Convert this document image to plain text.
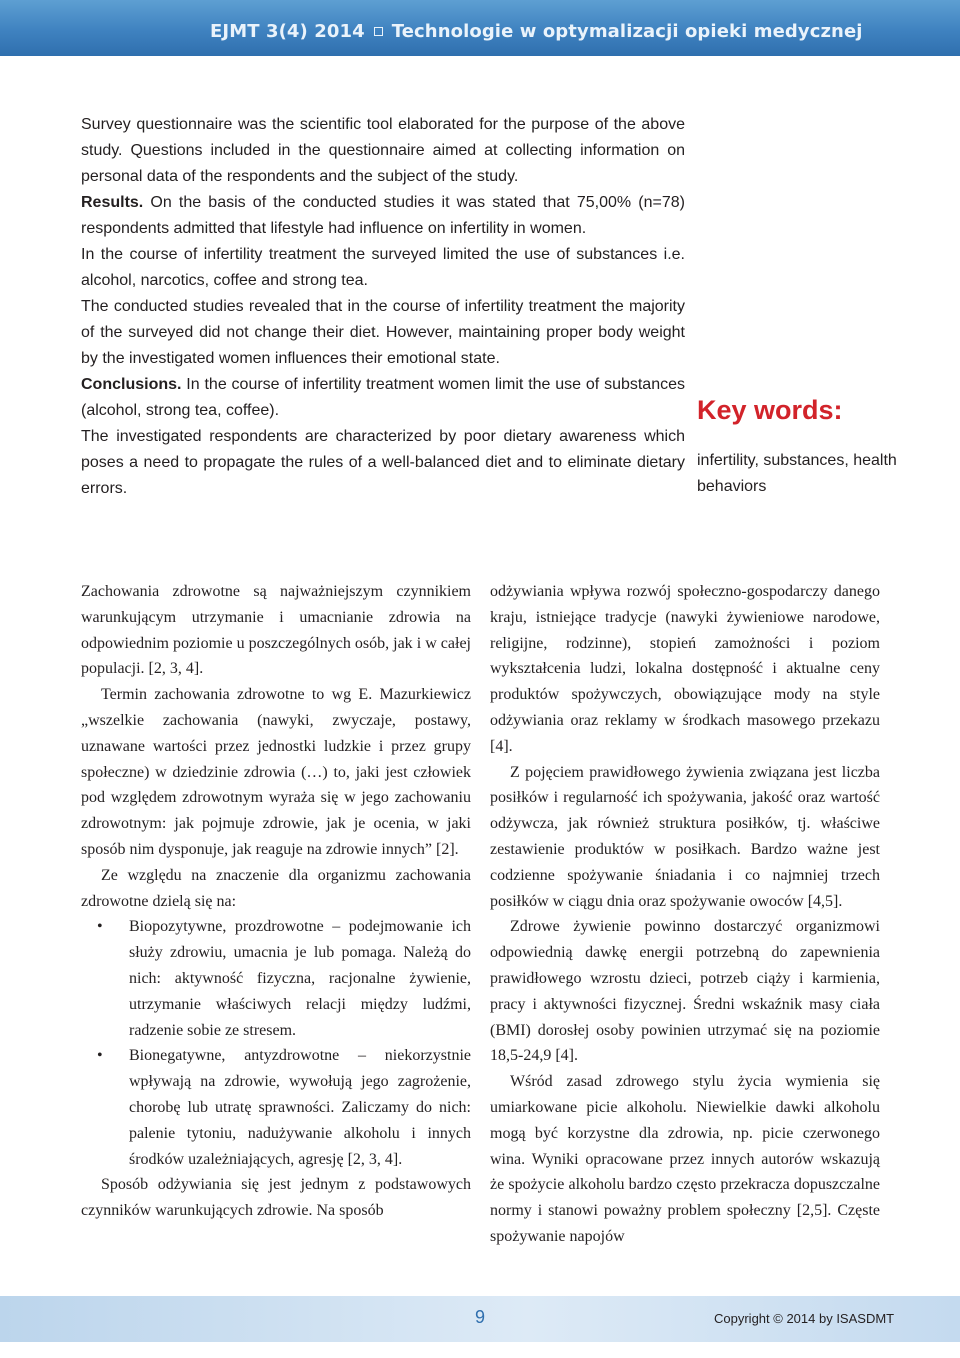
EJMT 3(4) 2014 Technologie w optymalizacji opieki medycznej

Survey questionnaire was the scientific tool elaborated for the purpose of the above study. Questions included in the questionnaire aimed at collecting information on personal data of the respondents and the subject of the study.

Results. On the basis of the conducted studies it was stated that 75,00% (n=78) respondents admitted that lifestyle had influence on infertility in women.

In the course of infertility treatment the surveyed limited the use of substances i.e. alcohol, narcotics, coffee and strong tea.

The conducted studies revealed that in the course of infertility treatment the majority of the surveyed did not change their diet. However, maintaining proper body weight by the investigated women influences their emotional state.

Conclusions. In the course of infertility treatment women limit the use of substances (alcohol, strong tea, coffee).

The investigated respondents are characterized by poor dietary awareness which poses a need to propagate the rules of a well-balanced diet and to eliminate dietary errors.

Key words:
infertility, substances, health behaviors

Zachowania zdrowotne są najważniejszym czynnikiem warunkującym utrzymanie i umacnianie zdrowia na odpowiednim poziomie u poszczególnych osób, jak i w całej populacji. [2, 3, 4].

Termin zachowania zdrowotne to wg E. Mazurkiewicz „wszelkie zachowania (nawyki, zwyczaje, postawy, uznawane wartości przez jednostki ludzkie i przez grupy społeczne) w dziedzinie zdrowia (…) to, jaki jest człowiek pod względem zdrowotnym wyraża się w jego zachowaniu zdrowotnym: jak pojmuje zdrowie, jak je ocenia, w jaki sposób nim dysponuje, jak reaguje na zdrowie innych” [2].

Ze względu na znaczenie dla organizmu zachowania zdrowotne dzielą się na:

• Biopozytywne, prozdrowotne – podejmowanie ich służy zdrowiu, umacnia je lub pomaga. Należą do nich: aktywność fizyczna, racjonalne żywienie, utrzymanie właściwych relacji między ludźmi, radzenie sobie ze stresem.
• Bionegatywne, antyzdrowotne – niekorzystnie wpływają na zdrowie, wywołują jego zagrożenie, chorobę lub utratę sprawności. Zaliczamy do nich: palenie tytoniu, nadużywanie alkoholu i innych środków uzależniających, agresję [2, 3, 4].

Sposób odżywiania się jest jednym z podstawowych czynników warunkujących zdrowie. Na sposób

odżywiania wpływa rozwój społeczno-gospodarczy danego kraju, istniejące tradycje (nawyki żywieniowe narodowe, religijne, rodzinne), stopień zamożności i poziom wykształcenia ludzi, lokalna dostępność i aktualne ceny produktów spożywczych, obowiązujące mody na style odżywiania oraz reklamy w środkach masowego przekazu [4].

Z pojęciem prawidłowego żywienia związana jest liczba posiłków i regularność ich spożywania, jakość oraz wartość odżywcza, jak również struktura posiłków, tj. właściwe zestawienie produktów w posiłkach. Bardzo ważne jest codzienne spożywanie śniadania i co najmniej trzech posiłków w ciągu dnia oraz spożywanie owoców [4,5].

Zdrowe żywienie powinno dostarczyć organizmowi odpowiednią dawkę energii potrzebną do zapewnienia prawidłowego wzrostu dzieci, potrzeb ciąży i karmienia, pracy i aktywności fizycznej. Średni wskaźnik masy ciała (BMI) dorosłej osoby powinien utrzymać się na poziomie 18,5-24,9 [4].

Wśród zasad zdrowego stylu życia wymienia się umiarkowane picie alkoholu. Niewielkie dawki alkoholu mogą być korzystne dla zdrowia, np. picie czerwonego wina. Wyniki opracowane przez innych autorów wskazują że spożycie alkoholu bardzo często przekracza dopuszczalne normy i stanowi poważny problem społeczny [2,5]. Częste spożywanie napojów

9	Copyright © 2014 by ISASDMT
